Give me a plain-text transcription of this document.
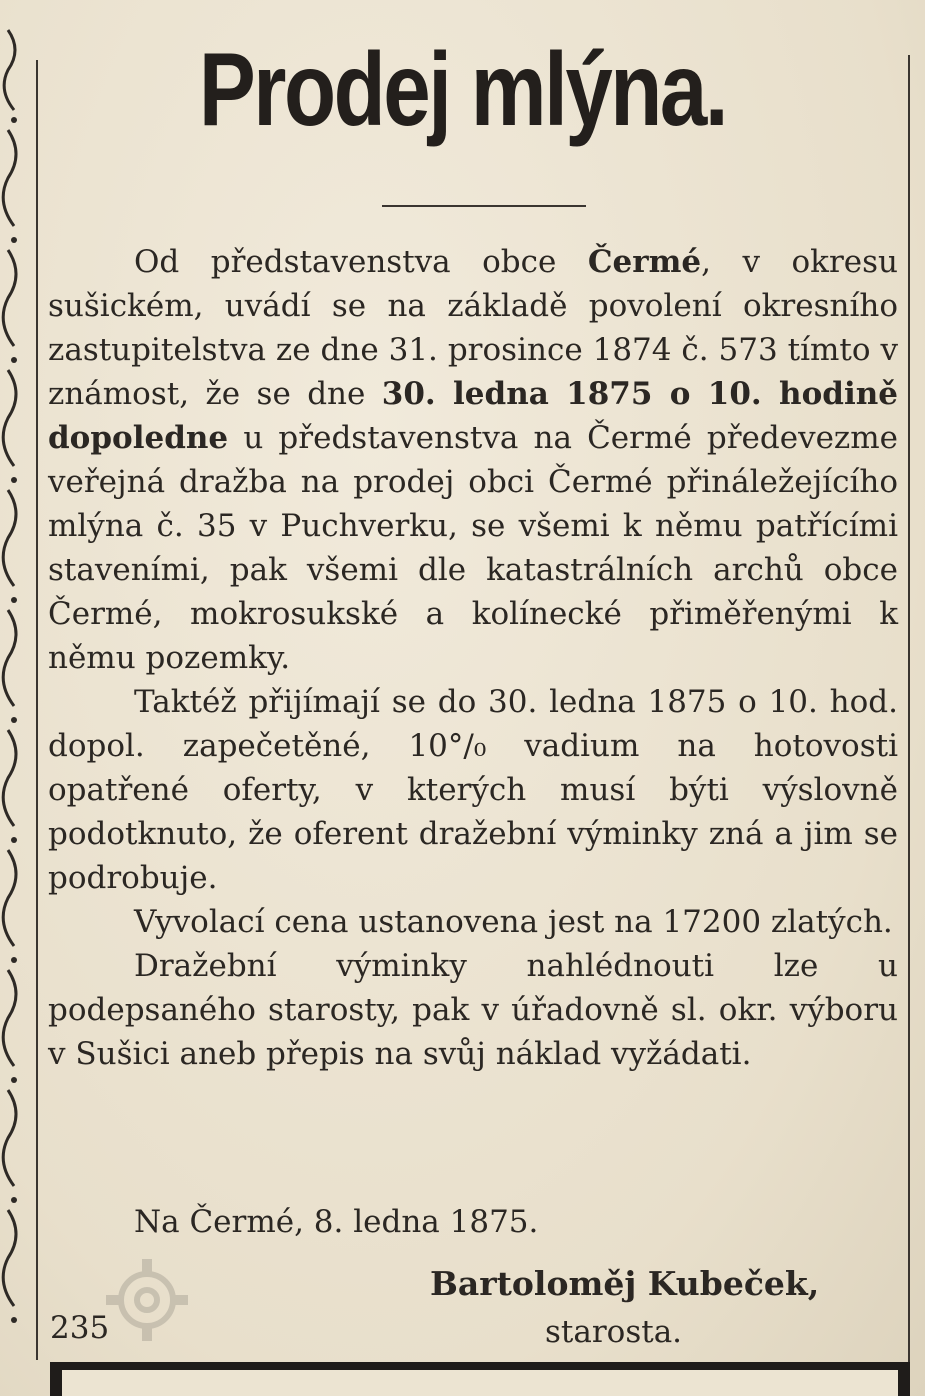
Prodej mlýna.

Od představenstva obce Čermé, v okresu sušickém, uvádí se na základě povolení okresního zastupitelstva ze dne 31. prosince 1874 č. 573 tímto v známost, že se dne 30. ledna 1875 o 10. hodině dopoledne u představenstva na Čermé předevezme veřejná dražba na prodej obci Čermé přináležejícího mlýna č. 35 v Puchverku, se všemi k němu patřícími staveními, pak všemi dle katastrálních archů obce Čermé, mokrosukské a kolínecké přiměřenými k němu pozemky.

Taktéž přijímají se do 30. ledna 1875 o 10. hod. dopol. zapečetěné, 10°/₀ vadium na hotovosti opatřené oferty, v kterých musí býti výslovně podotknuto, že oferent dražební výminky zná a jim se podrobuje.

Vyvolací cena ustanovena jest na 17200 zlatých.

Dražební výminky nahlédnouti lze u podepsaného starosty, pak v úřadovně sl. okr. výboru v Sušici aneb přepis na svůj náklad vyžádati.

Na Čermé, 8. ledna 1875.
Bartoloměj Kubeček,
235	starosta.
